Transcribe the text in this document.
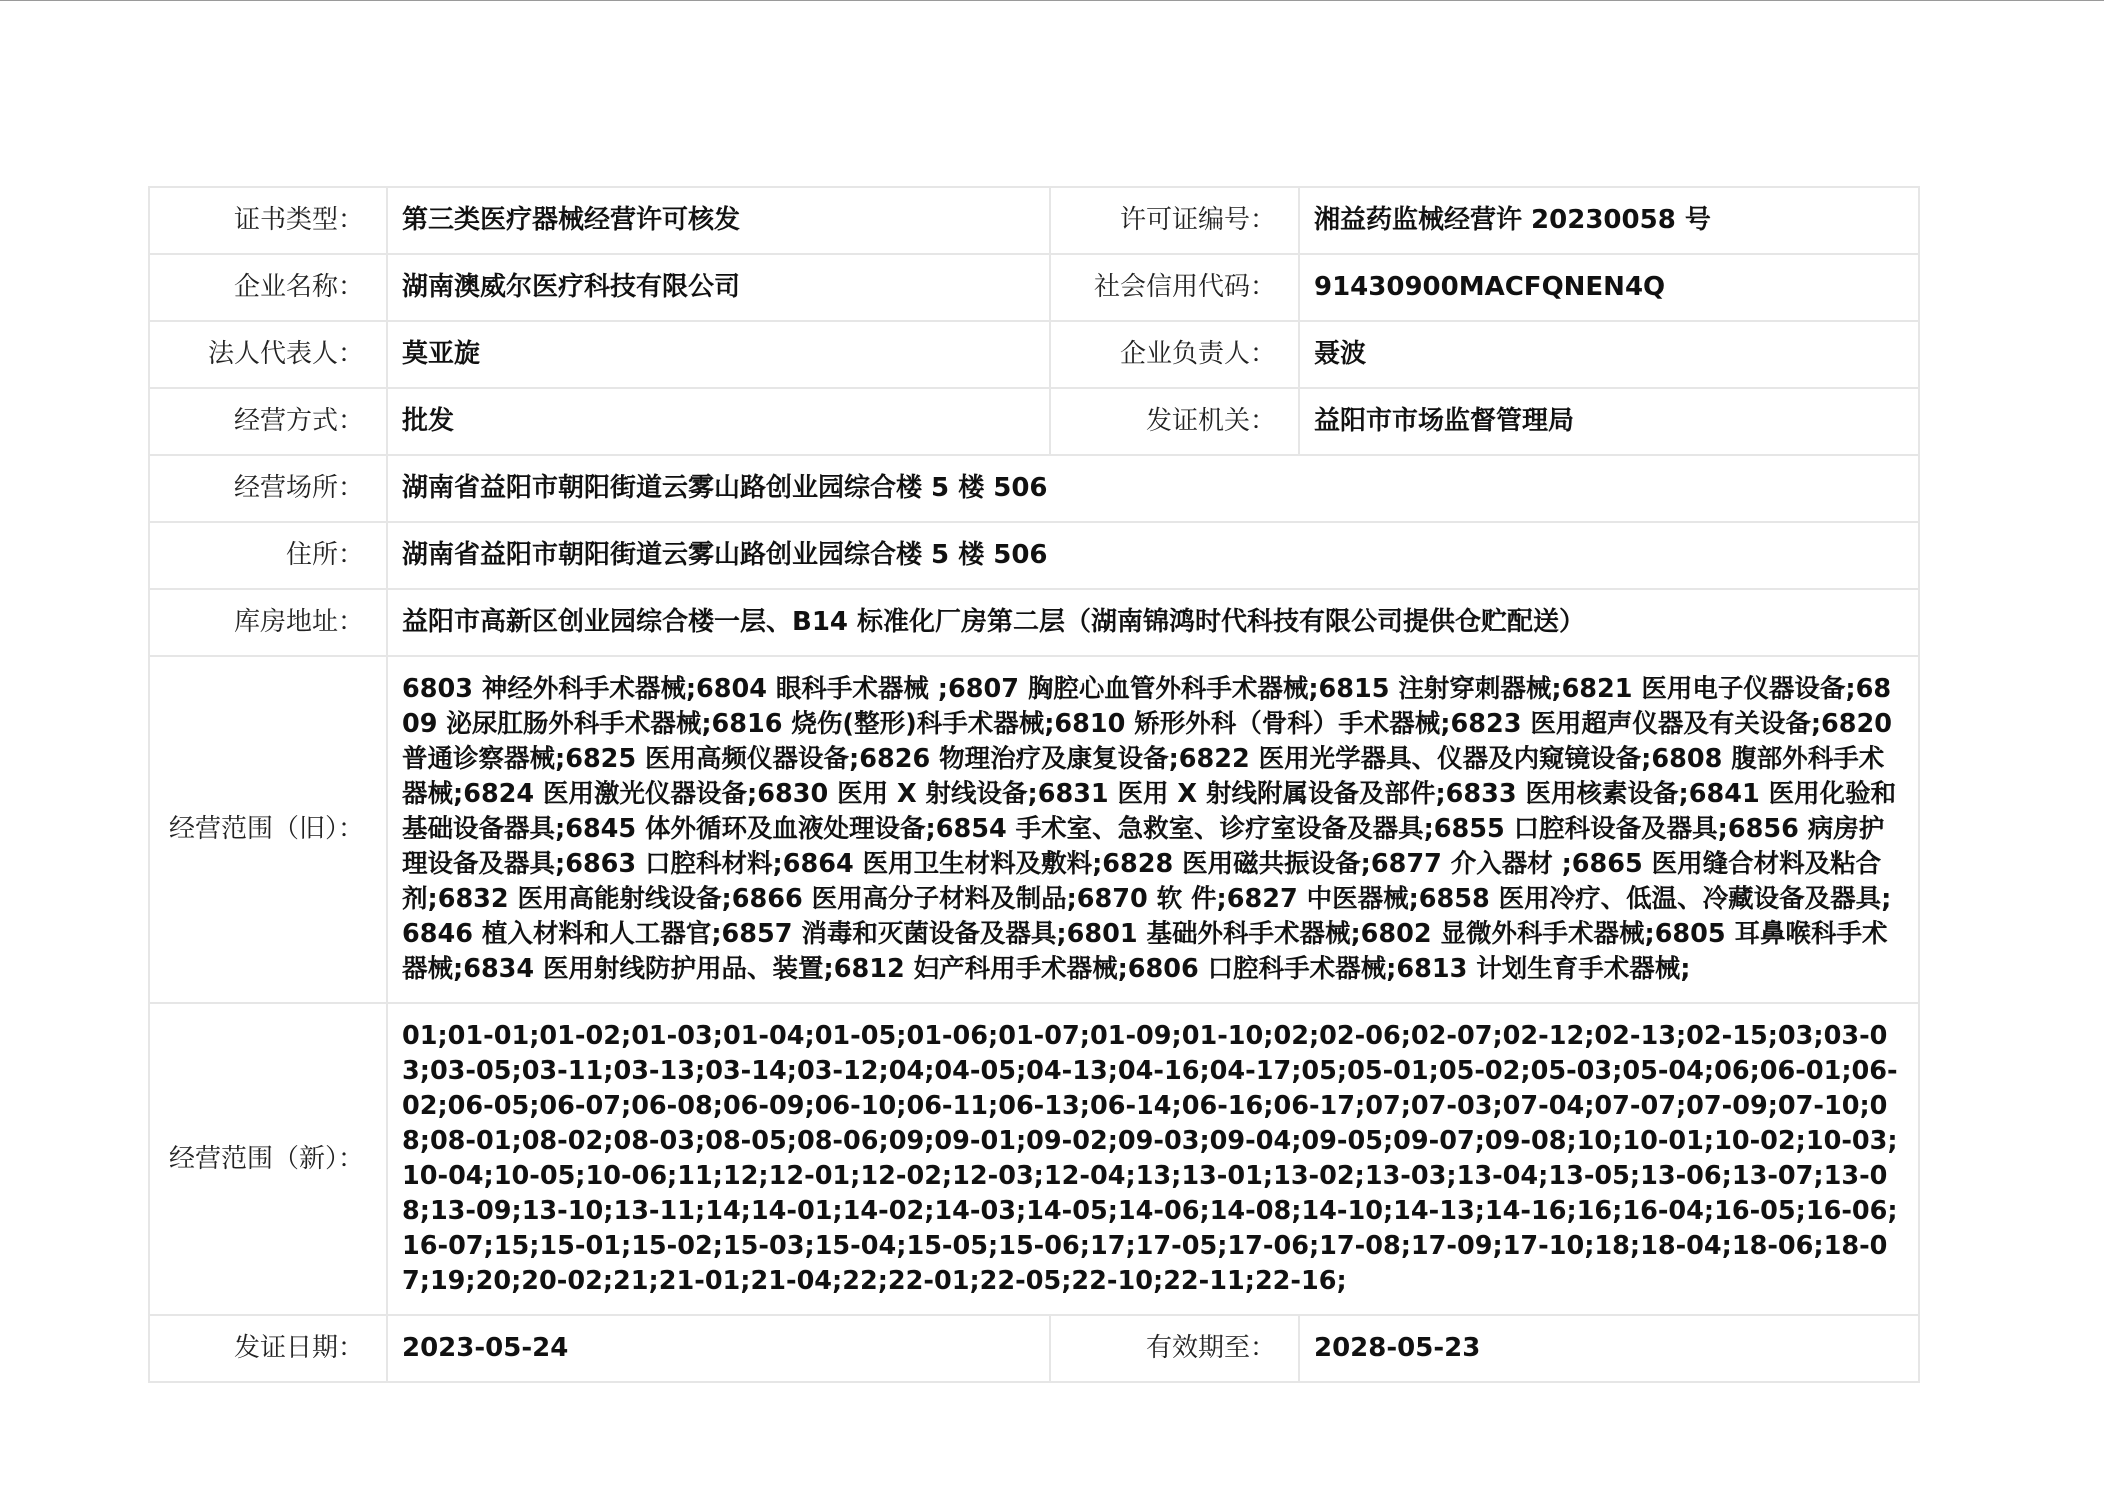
证书类型：	第三类医疗器械经营许可核发	许可证编号：	湘益药监械经营许 20230058 号
企业名称：	湖南澳威尔医疗科技有限公司	社会信用代码：	91430900MACFQNEN4Q
法人代表人：	莫亚旋	企业负责人：	聂波
经营方式：	批发	发证机关：	益阳市市场监督管理局
经营场所：	湖南省益阳市朝阳街道云雾山路创业园综合楼 5 楼 506		
住所：	湖南省益阳市朝阳街道云雾山路创业园综合楼 5 楼 506		
库房地址：	益阳市高新区创业园综合楼一层、B14 标准化厂房第二层（湖南锦鸿时代科技有限公司提供仓贮配送）		
经营范围（旧）：	6803 神经外科手术器械;6804 眼科手术器械 ;6807 胸腔心血管外科手术器械;6815 注射穿刺器械;6821 医用电子仪器设备;6809 泌尿肛肠外科手术器械;6816 烧伤(整形)科手术器械;6810 矫形外科（骨科）手术器械;6823 医用超声仪器及有关设备;6820 普通诊察器械;6825 医用高频仪器设备;6826 物理治疗及康复设备;6822 医用光学器具、仪器及内窥镜设备;6808 腹部外科手术器械;6824 医用激光仪器设备;6830 医用 X 射线设备;6831 医用 X 射线附属设备及部件;6833 医用核素设备;6841 医用化验和基础设备器具;6845 体外循环及血液处理设备;6854 手术室、急救室、诊疗室设备及器具;6855 口腔科设备及器具;6856 病房护理设备及器具;6863 口腔科材料;6864 医用卫生材料及敷料;6828 医用磁共振设备;6877 介入器材 ;6865 医用缝合材料及粘合剂;6832 医用高能射线设备;6866 医用高分子材料及制品;6870 软 件;6827 中医器械;6858 医用冷疗、低温、冷藏设备及器具;6846 植入材料和人工器官;6857 消毒和灭菌设备及器具;6801 基础外科手术器械;6802 显微外科手术器械;6805 耳鼻喉科手术器械;6834 医用射线防护用品、装置;6812 妇产科用手术器械;6806 口腔科手术器械;6813 计划生育手术器械;		
经营范围（新）：	01;01-01;01-02;01-03;01-04;01-05;01-06;01-07;01-09;01-10;02;02-06;02-07;02-12;02-13;02-15;03;03-03;03-05;03-11;03-13;03-14;03-12;04;04-05;04-13;04-16;04-17;05;05-01;05-02;05-03;05-04;06;06-01;06-02;06-05;06-07;06-08;06-09;06-10;06-11;06-13;06-14;06-16;06-17;07;07-03;07-04;07-07;07-09;07-10;08;08-01;08-02;08-03;08-05;08-06;09;09-01;09-02;09-03;09-04;09-05;09-07;09-08;10;10-01;10-02;10-03;10-04;10-05;10-06;11;12;12-01;12-02;12-03;12-04;13;13-01;13-02;13-03;13-04;13-05;13-06;13-07;13-08;13-09;13-10;13-11;14;14-01;14-02;14-03;14-05;14-06;14-08;14-10;14-13;14-16;16;16-04;16-05;16-06;16-07;15;15-01;15-02;15-03;15-04;15-05;15-06;17;17-05;17-06;17-08;17-09;17-10;18;18-04;18-06;18-07;19;20;20-02;21;21-01;21-04;22;22-01;22-05;22-10;22-11;22-16;		
发证日期：	2023-05-24	有效期至：	2028-05-23
